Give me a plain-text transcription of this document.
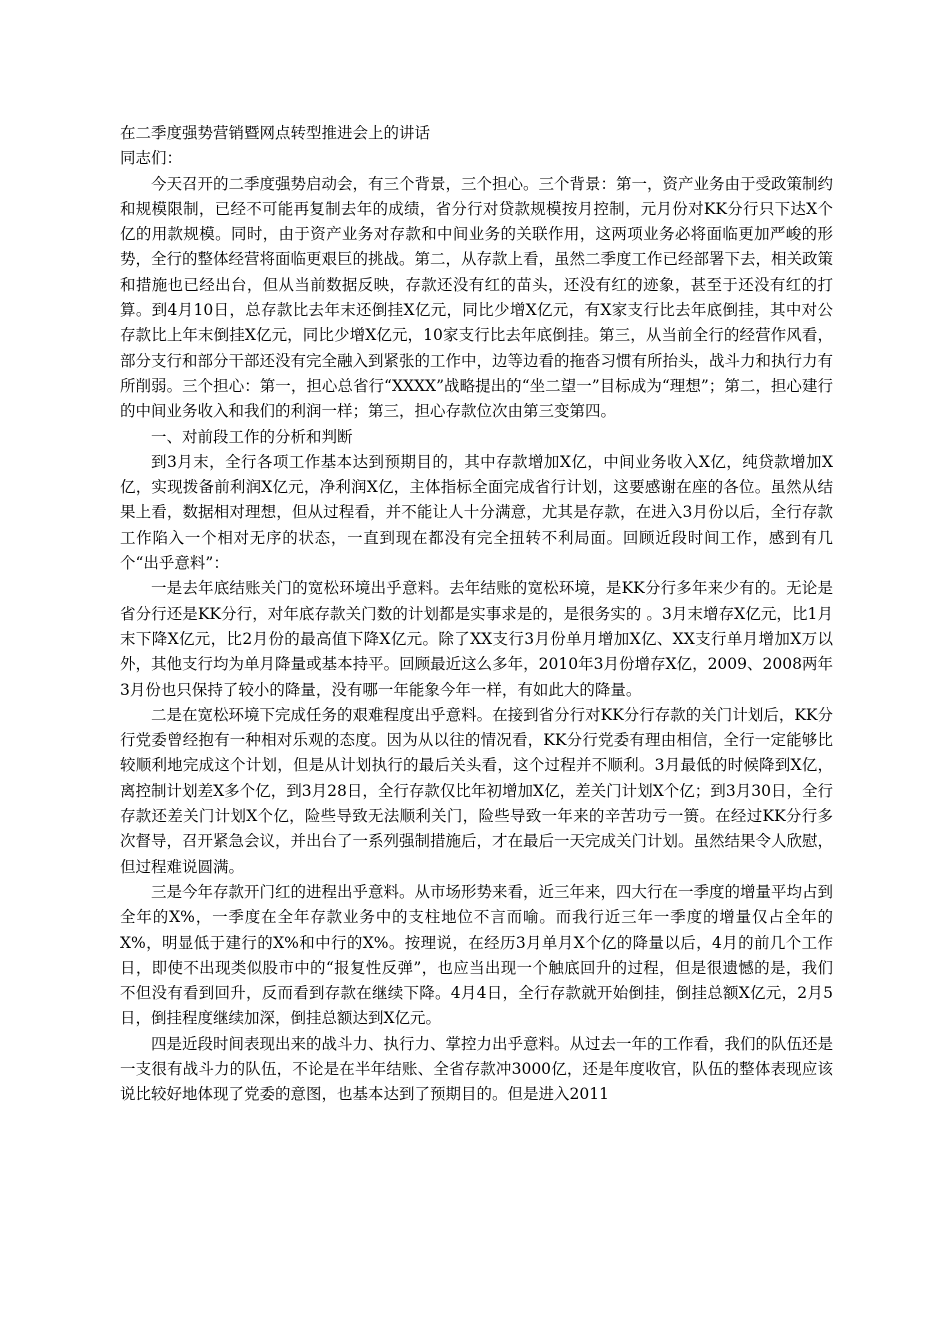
在二季度强势营销暨网点转型推进会上的讲话

同志们：

今天召开的二季度强势启动会，有三个背景，三个担心。三个背景：第一，资产业务由于受政策制约和规模限制，已经不可能再复制去年的成绩，省分行对贷款规模按月控制，元月份对KK分行只下达X个亿的用款规模。同时，由于资产业务对存款和中间业务的关联作用，这两项业务必将面临更加严峻的形势，全行的整体经营将面临更艰巨的挑战。第二，从存款上看，虽然二季度工作已经部署下去，相关政策和措施也已经出台，但从当前数据反映，存款还没有红的苗头，还没有红的迹象，甚至于还没有红的打算。到4月10日，总存款比去年末还倒挂X亿元，同比少增X亿元，有X家支行比去年底倒挂，其中对公存款比上年末倒挂X亿元，同比少增X亿元，10家支行比去年底倒挂。第三，从当前全行的经营作风看，部分支行和部分干部还没有完全融入到紧张的工作中，边等边看的拖沓习惯有所抬头，战斗力和执行力有所削弱。三个担心：第一，担心总省行“XXXX”战略提出的“坐二望一”目标成为“理想”；第二，担心建行的中间业务收入和我们的利润一样；第三，担心存款位次由第三变第四。

一、对前段工作的分析和判断

到3月末，全行各项工作基本达到预期目的，其中存款增加X亿，中间业务收入X亿，纯贷款增加X亿，实现拨备前利润X亿元，净利润X亿，主体指标全面完成省行计划，这要感谢在座的各位。虽然从结果上看，数据相对理想，但从过程看，并不能让人十分满意，尤其是存款，在进入3月份以后，全行存款工作陷入一个相对无序的状态，一直到现在都没有完全扭转不利局面。回顾近段时间工作，感到有几个“出乎意料”：

一是去年底结账关门的宽松环境出乎意料。去年结账的宽松环境，是KK分行多年来少有的。无论是省分行还是KK分行，对年底存款关门数的计划都是实事求是的，是很务实的 。3月末增存X亿元，比1月末下降X亿元，比2月份的最高值下降X亿元。除了XX支行3月份单月增加X亿、XX支行单月增加X万以外，其他支行均为单月降量或基本持平。回顾最近这么多年，2010年3月份增存X亿，2009、2008两年3月份也只保持了较小的降量，没有哪一年能象今年一样，有如此大的降量。

二是在宽松环境下完成任务的艰难程度出乎意料。在接到省分行对KK分行存款的关门计划后，KK分行党委曾经抱有一种相对乐观的态度。因为从以往的情况看，KK分行党委有理由相信，全行一定能够比较顺利地完成这个计划，但是从计划执行的最后关头看，这个过程并不顺利。3月最低的时候降到X亿，离控制计划差X多个亿，到3月28日，全行存款仅比年初增加X亿，差关门计划X个亿；到3月30日，全行存款还差关门计划X个亿，险些导致无法顺利关门，险些导致一年来的辛苦功亏一篑。在经过KK分行多次督导，召开紧急会议，并出台了一系列强制措施后，才在最后一天完成关门计划。虽然结果令人欣慰，但过程难说圆满。

三是今年存款开门红的进程出乎意料。从市场形势来看，近三年来，四大行在一季度的增量平均占到全年的X%，一季度在全年存款业务中的支柱地位不言而喻。而我行近三年一季度的增量仅占全年的X%，明显低于建行的X%和中行的X%。按理说，在经历3月单月X个亿的降量以后，4月的前几个工作日，即使不出现类似股市中的“报复性反弹”，也应当出现一个触底回升的过程，但是很遗憾的是，我们不但没有看到回升，反而看到存款在继续下降。4月4日，全行存款就开始倒挂，倒挂总额X亿元，2月5日，倒挂程度继续加深，倒挂总额达到X亿元。

四是近段时间表现出来的战斗力、执行力、掌控力出乎意料。从过去一年的工作看，我们的队伍还是一支很有战斗力的队伍，不论是在半年结账、全省存款冲3000亿，还是年度收官，队伍的整体表现应该说比较好地体现了党委的意图，也基本达到了预期目的。但是进入2011
